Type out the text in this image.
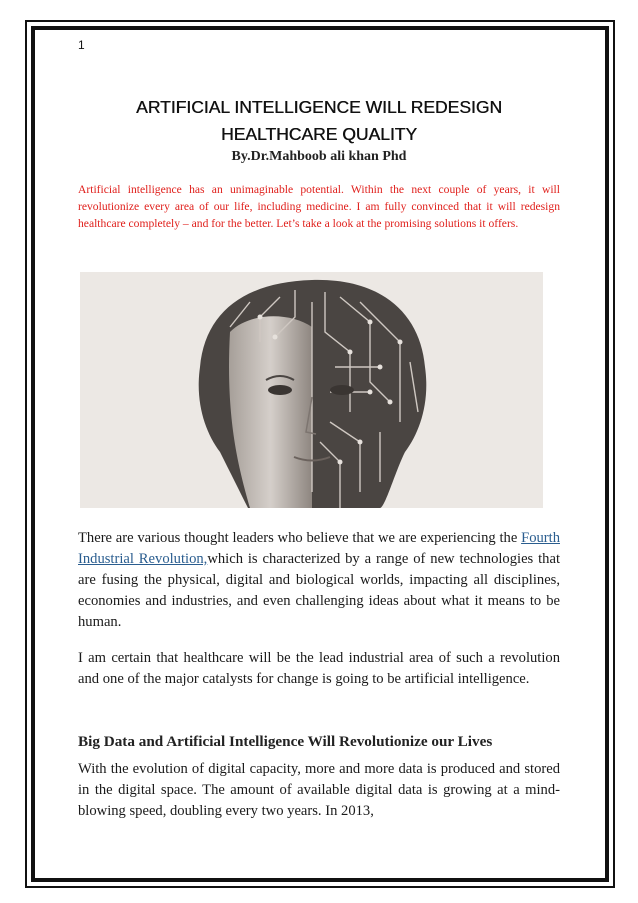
1
ARTIFICIAL INTELLIGENCE WILL REDESIGN
HEALTHCARE QUALITY
By.Dr.Mahboob ali khan Phd
Artificial intelligence has an unimaginable potential. Within the next couple of years, it will revolutionize every area of our life, including medicine. I am fully convinced that it will redesign healthcare completely – and for the better. Let’s take a look at the promising solutions it offers.

There are various thought leaders who believe that we are experiencing the Fourth Industrial Revolution,which is characterized by a range of new technologies that are fusing the physical, digital and biological worlds, impacting all disciplines, economies and industries, and even challenging ideas about what it means to be human.

I am certain that healthcare will be the lead industrial area of such a revolution and one of the major catalysts for change is going to be artificial intelligence.

Big Data and Artificial Intelligence Will Revolutionize our Lives

With the evolution of digital capacity, more and more data is produced and stored in the digital space. The amount of available digital data is growing at a mind-blowing speed, doubling every two years. In 2013,
